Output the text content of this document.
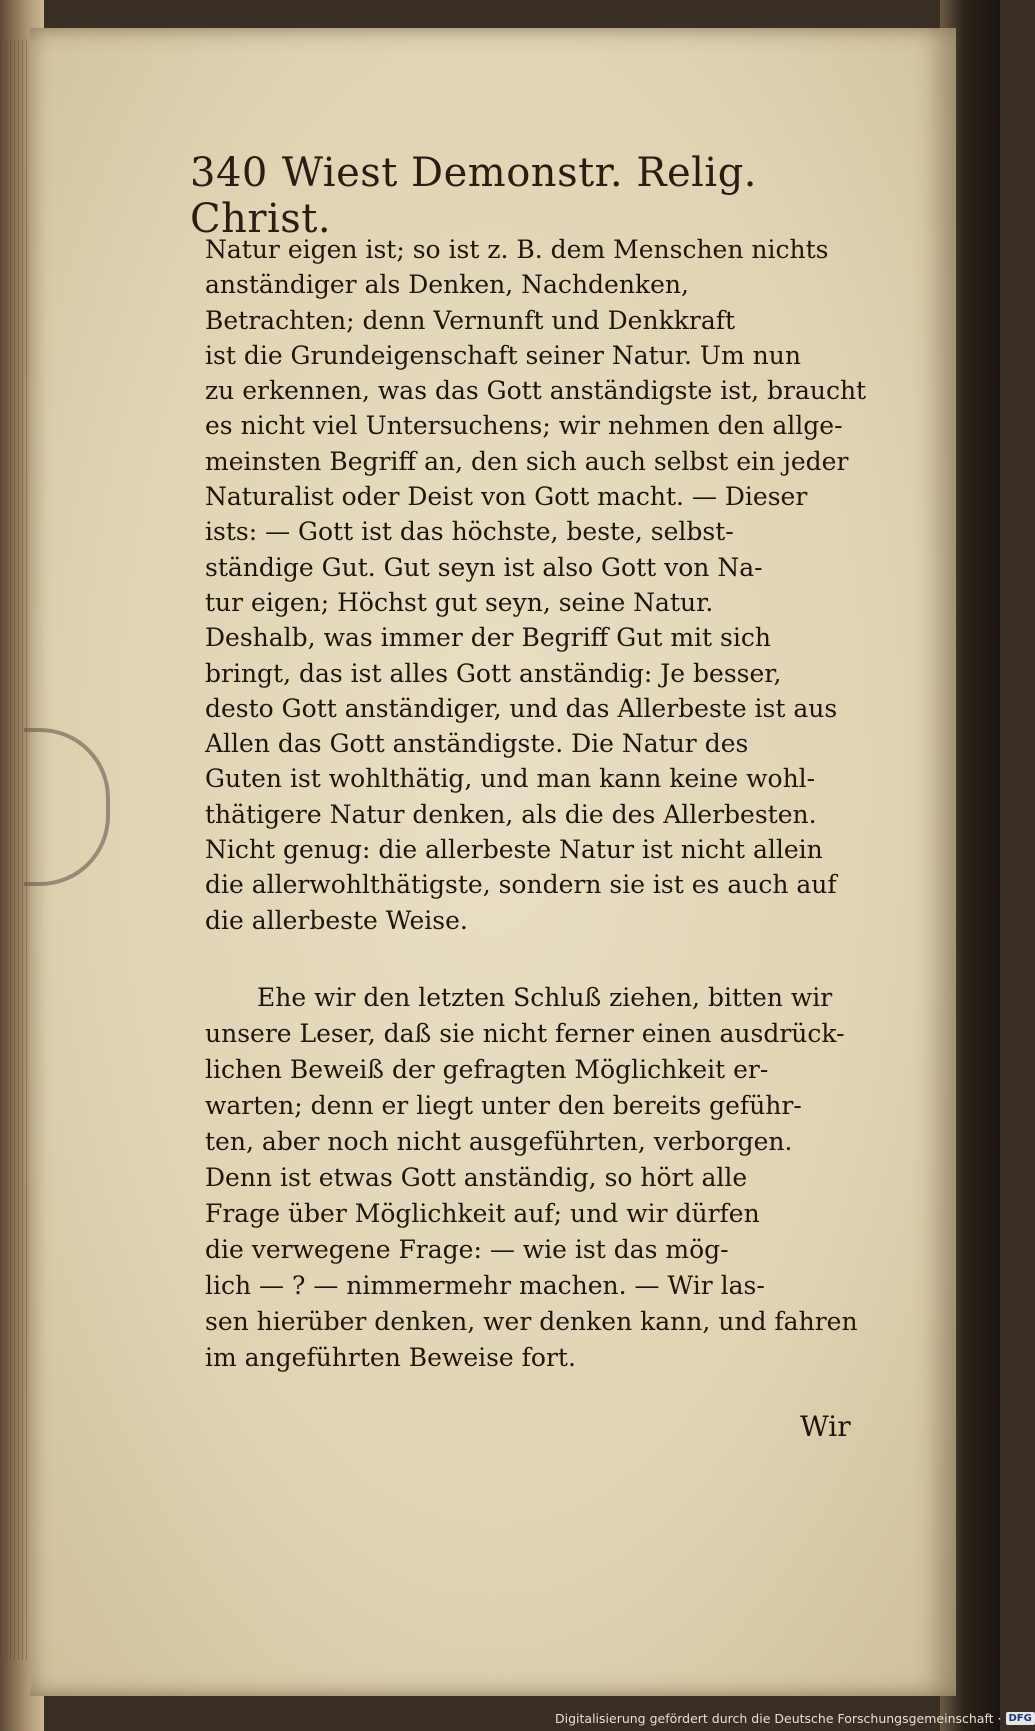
340 Wiest Demonstr. Relig. Christ.
Natur eigen ist; so ist z. B. dem Menschen nichts
anständiger als Denken, Nachdenken,
Betrachten; denn Vernunft und Denkkraft
ist die Grundeigenschaft seiner Natur. Um nun
zu erkennen, was das Gott anständigste ist, braucht
es nicht viel Untersuchens; wir nehmen den allge-
meinsten Begriff an, den sich auch selbst ein jeder
Naturalist oder Deist von Gott macht. — Dieser
ists: — Gott ist das höchste, beste, selbst-
ständige Gut. Gut seyn ist also Gott von Na-
tur eigen; Höchst gut seyn, seine Natur.
Deshalb, was immer der Begriff Gut mit sich
bringt, das ist alles Gott anständig: Je besser,
desto Gott anständiger, und das Allerbeste ist aus
Allen das Gott anständigste. Die Natur des
Guten ist wohlthätig, und man kann keine wohl-
thätigere Natur denken, als die des Allerbesten.
Nicht genug: die allerbeste Natur ist nicht allein
die allerwohlthätigste, sondern sie ist es auch auf
die allerbeste Weise.
Ehe wir den letzten Schluß ziehen, bitten wir
unsere Leser, daß sie nicht ferner einen ausdrück-
lichen Beweiß der gefragten Möglichkeit er-
warten; denn er liegt unter den bereits geführ-
ten, aber noch nicht ausgeführten, verborgen.
Denn ist etwas Gott anständig, so hört alle
Frage über Möglichkeit auf; und wir dürfen
die verwegene Frage: — wie ist das mög-
lich — ? — nimmermehr machen. — Wir las-
sen hierüber denken, wer denken kann, und fahren
im angeführten Beweise fort.
Wir
Digitalisierung gefördert durch die Deutsche Forschungsgemeinschaft · DFG
